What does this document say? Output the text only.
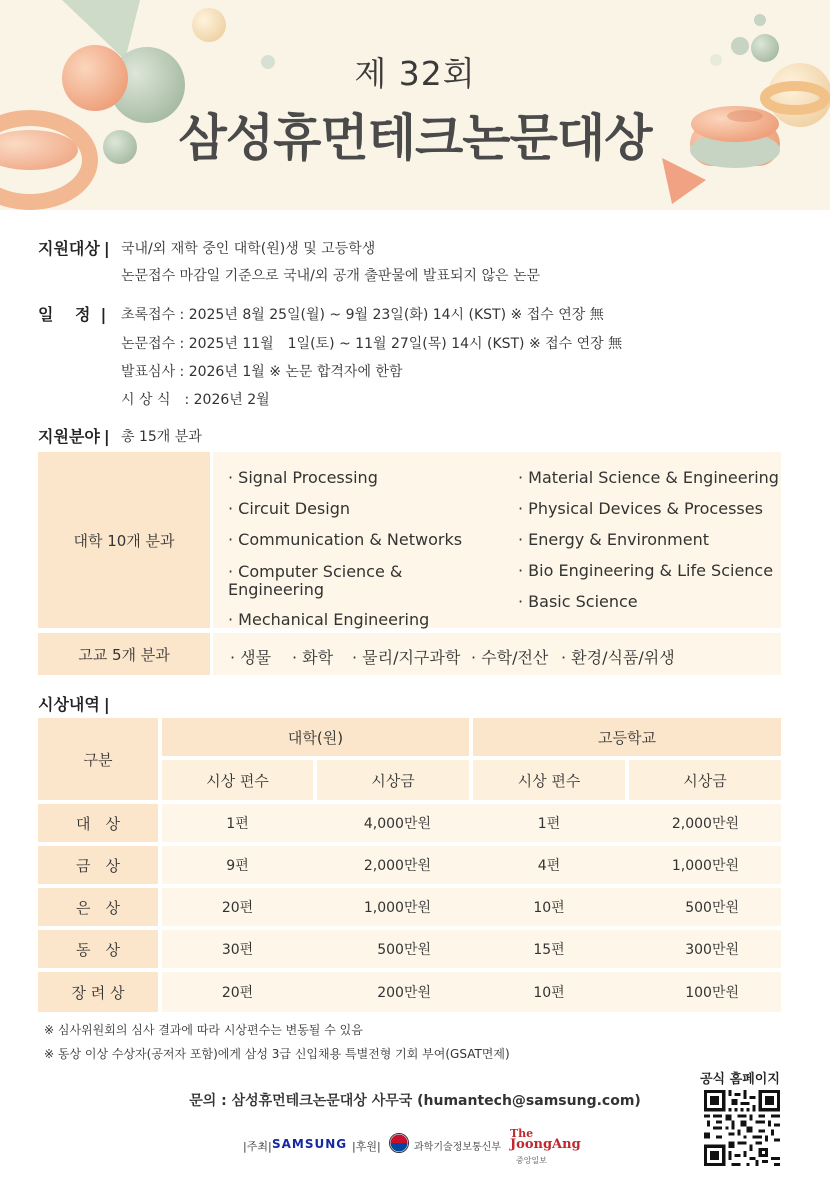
제 32회
삼성휴먼테크논문대상
지원대상 | 국내/외 재학 중인 대학(원)생 및 고등학생
논문접수 마감일 기준으로 국내/외 공개 출판물에 발표되지 않은 논문
일　 정 | 초록접수 : 2025년 8월 25일(월) ~ 9월 23일(화) 14시 (KST) ※ 접수 연장 無
논문접수 : 2025년 11월　1일(토) ~ 11월 27일(목) 14시 (KST) ※ 접수 연장 無
발표심사 : 2026년 1월 ※ 논문 합격자에 한함
시 상 식　: 2026년 2월
지원분야 | 총 15개 분과
대학 10개 분과
· Signal Processing
· Circuit Design
· Communication & Networks
· Computer Science & Engineering
· Mechanical Engineering
· Material Science & Engineering
· Physical Devices & Processes
· Energy & Environment
· Bio Engineering & Life Science
· Basic Science
고교 5개 분과	· 생물 · 화학 · 물리/지구과학 · 수학/전산 · 환경/식품/위생
시상내역 |
구분
대학(원)	고등학교
시상 편수	시상금	시상 편수	시상금
대　상	1편	4,000만원	1편	2,000만원
금　상	9편	2,000만원	4편	1,000만원
은　상	20편	1,000만원	10편	500만원
동　상	30편	500만원	15편	300만원
장 려 상	20편	200만원	10편	100만원
※ 심사위원회의 심사 결과에 따라 시상편수는 변동될 수 있음
※ 동상 이상 수상자(공저자 포함)에게 삼성 3급 신입채용 특별전형 기회 부여(GSAT면제)
문의 : 삼성휴먼테크논문대상 사무국 (humantech@samsung.com)
|주최| SAMSUNG |후원|	과학기술정보통신부
The
JoongAng
중앙일보
공식 홈페이지
